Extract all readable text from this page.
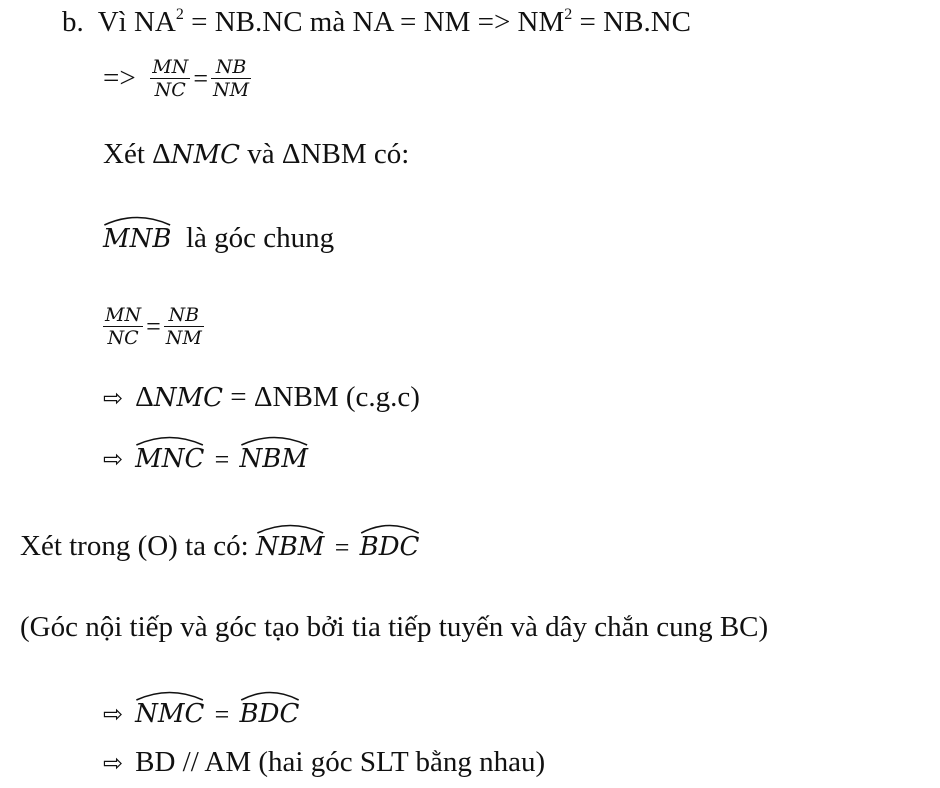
b. Vì $NA^2 = NB.NC$ mà NA = NM => $NM^2 = NB.NC$
=> $\frac{MN}{NC} = \frac{NB}{NM}$
Xét ΔNMC và ΔNBM có:
MNB là góc chung
$\frac{MN}{NC} = \frac{NB}{NM}$
⇨ ΔNMC = ΔNBM (c.g.c)
⇨ MNC = NBM
Xét trong (O) ta có: NBM = BDC
(Góc nội tiếp và góc tạo bởi tia tiếp tuyến và dây chắn cung BC)
⇨ NMC = BDC
⇨ BD // AM (hai góc SLT bằng nhau)
